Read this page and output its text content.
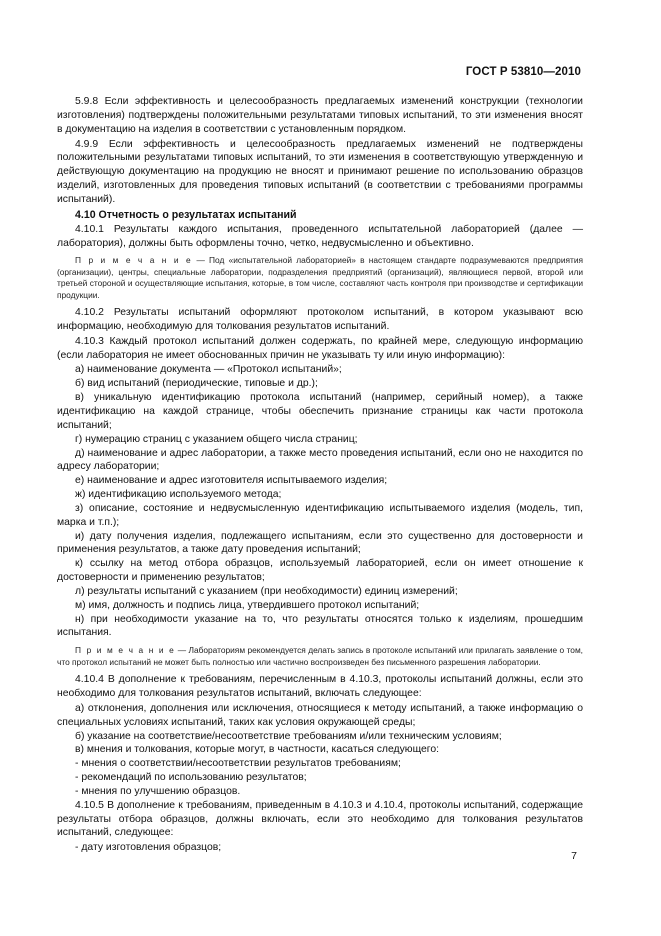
ГОСТ Р 53810—2010

5.9.8 Если эффективность и целесообразность предлагаемых изменений конструкции (технологии изготовления) подтверждены положительными результатами типовых испытаний, то эти изменения вносят в документацию на изделия в соответствии с установленным порядком.

4.9.9 Если эффективность и целесообразность предлагаемых изменений не подтверждены положительными результатами типовых испытаний, то эти изменения в соответствующую утвержденную и действующую документацию на продукцию не вносят и принимают решение по использованию образцов изделий, изготовленных для проведения типовых испытаний (в соответствии с требованиями программы испытаний).

4.10 Отчетность о результатах испытаний

4.10.1 Результаты каждого испытания, проведенного испытательной лабораторией (далее — лаборатория), должны быть оформлены точно, четко, недвусмысленно и объективно.

П р и м е ч а н и е — Под «испытательной лабораторией» в настоящем стандарте подразумеваются предприятия (организации), центры, специальные лаборатории, подразделения предприятий (организаций), являющиеся первой, второй или третьей стороной и осуществляющие испытания, которые, в том числе, составляют часть контроля при производстве и сертификации продукции.

4.10.2 Результаты испытаний оформляют протоколом испытаний, в котором указывают всю информацию, необходимую для толкования результатов испытаний.

4.10.3 Каждый протокол испытаний должен содержать, по крайней мере, следующую информацию (если лаборатория не имеет обоснованных причин не указывать ту или иную информацию):

а) наименование документа — «Протокол испытаний»;

б) вид испытаний (периодические, типовые и др.);

в) уникальную идентификацию протокола испытаний (например, серийный номер), а также идентификацию на каждой странице, чтобы обеспечить признание страницы как части протокола испытаний;

г) нумерацию страниц с указанием общего числа страниц;

д) наименование и адрес лаборатории, а также место проведения испытаний, если оно не находится по адресу лаборатории;

е) наименование и адрес изготовителя испытываемого изделия;

ж) идентификацию используемого метода;

з) описание, состояние и недвусмысленную идентификацию испытываемого изделия (модель, тип, марка и т.п.);

и) дату получения изделия, подлежащего испытаниям, если это существенно для достоверности и применения результатов, а также дату проведения испытаний;

к) ссылку на метод отбора образцов, используемый лабораторией, если он имеет отношение к достоверности и применению результатов;

л) результаты испытаний с указанием (при необходимости) единиц измерений;

м) имя, должность и подпись лица, утвердившего протокол испытаний;

н) при необходимости указание на то, что результаты относятся только к изделиям, прошедшим испытания.

П р и м е ч а н и е — Лабораториям рекомендуется делать запись в протоколе испытаний или прилагать заявление о том, что протокол испытаний не может быть полностью или частично воспроизведен без письменного разрешения лаборатории.

4.10.4 В дополнение к требованиям, перечисленным в 4.10.3, протоколы испытаний должны, если это необходимо для толкования результатов испытаний, включать следующее:

а) отклонения, дополнения или исключения, относящиеся к методу испытаний, а также информацию о специальных условиях испытаний, таких как условия окружающей среды;

б) указание на соответствие/несоответствие требованиям и/или техническим условиям;

в) мнения и толкования, которые могут, в частности, касаться следующего:

- мнения о соответствии/несоответствии результатов требованиям;

- рекомендаций по использованию результатов;

- мнения по улучшению образцов.

4.10.5 В дополнение к требованиям, приведенным в 4.10.3 и 4.10.4, протоколы испытаний, содержащие результаты отбора образцов, должны включать, если это необходимо для толкования результатов испытаний, следующее:

- дату изготовления образцов;

7
